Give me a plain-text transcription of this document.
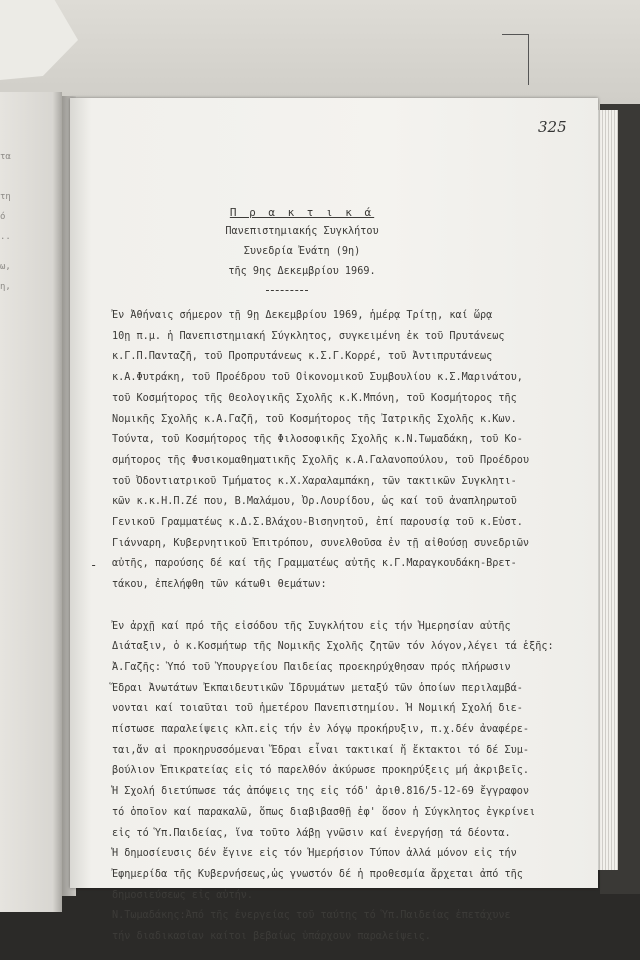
τα
τη
ό
..
ω,
η,
325
Π ρ α κ τ ι κ ά
Πανεπιστημιακής Συγκλήτου
Συνεδρία Ἐνάτη (9η)
τῆς 9ης Δεκεμβρίου 1969.
-
Ἐν Ἀθήναις σήμερον τῇ 9ῃ Δεκεμβρίου 1969, ἡμέρᾳ Τρίτῃ, καί ὥρᾳ
10ῃ π.μ. ἡ Πανεπιστημιακή Σύγκλητος, συγκειμένη ἐκ τοῦ Πρυτάνεως
κ.Γ.Π.Πανταζῆ, τοῦ Προπρυτάνεως κ.Σ.Γ.Κορρέ, τοῦ Ἀντιπρυτάνεως
κ.Α.Φυτράκη, τοῦ Προέδρου τοῦ Οἰκονομικοῦ Συμβουλίου κ.Σ.Μαρινάτου,
τοῦ Κοσμήτορος τῆς Θεολογικῆς Σχολῆς κ.Κ.Μπόνη, τοῦ Κοσμήτορος τῆς
Νομικῆς Σχολῆς κ.Α.Γαζῆ, τοῦ Κοσμήτορος τῆς Ἰατρικῆς Σχολῆς κ.Κων.
Τούντα, τοῦ Κοσμήτορος τῆς Φιλοσοφικῆς Σχολῆς κ.Ν.Τωμαδάκη, τοῦ Κο-
σμήτορος τῆς Φυσικομαθηματικῆς Σχολῆς κ.Α.Γαλανοπούλου, τοῦ Προέδρου
τοῦ Ὀδοντιατρικοῦ Τμήματος κ.Χ.Χαραλαμπάκη, τῶν τακτικῶν Συγκλητι-
κῶν κ.κ.Η.Π.Ζέ που, Β.Μαλάμου, Ὀρ.Λουρίδου, ὡς καί τοῦ ἀναπληρωτοῦ
Γενικοῦ Γραμματέως κ.Δ.Σ.Βλάχου-Βισηνητοῦ, ἐπί παρουσίᾳ τοῦ κ.Εὐστ.
Γιάνναρη, Κυβερνητικοῦ Ἐπιτρόπου, συνελθοῦσα ἐν τῇ αἰθούσῃ συνεδριῶν
αὐτῆς, παρούσης δέ καί τῆς Γραμματέως αὐτῆς κ.Γ.Μαραγκουδάκη-Βρετ-
τάκου, ἐπελήφθη τῶν κάτωθι θεμάτων:
Ἐν ἀρχῇ καί πρό τῆς εἰσόδου τῆς Συγκλήτου εἰς τήν Ἡμερησίαν αὐτῆς
Διάταξιν, ὁ κ.Κοσμήτωρ τῆς Νομικῆς Σχολῆς ζητῶν τόν λόγον,λέγει τά ἑξῆς:
Ἀ.Γαζῆς: Ὑπό τοῦ Ὑπουργείου Παιδείας προεκηρύχθησαν πρός πλήρωσιν
Ἕδραι Ἀνωτάτων Ἐκπαιδευτικῶν Ἱδρυμάτων μεταξύ τῶν ὁποίων περιλαμβά-
νονται καί τοιαῦται τοῦ ἡμετέρου Πανεπιστημίου. Ἡ Νομική Σχολή διε-
πίστωσε παραλείψεις κλπ.εἰς τήν ἐν λόγῳ προκήρυξιν, π.χ.δέν ἀναφέρε-
ται,ἄν αἱ προκηρυσσόμεναι Ἕδραι εἶναι τακτικαί ἤ ἔκτακτοι τό δέ Συμ-
βούλιον Ἐπικρατείας εἰς τό παρελθόν ἀκύρωσε προκηρύξεις μή ἀκριβεῖς.
Ἡ Σχολή διετύπωσε τάς ἀπόψεις της εἰς τόδ' ἀριθ.816/5-12-69 ἔγγραφον
τό ὁποῖον καί παρακαλῶ, ὅπως διαβιβασθῇ ἐφ' ὅσον ἡ Σύγκλητος ἐγκρίνει
εἰς τό Ὑπ.Παιδείας, ἵνα τοῦτο λάβῃ γνῶσιν καί ἐνεργήσῃ τά δέοντα.
Ἡ δημοσίευσις δέν ἔγινε εἰς τόν Ἡμερήσιον Τύπον ἀλλά μόνον εἰς τήν
Ἐφημερίδα τῆς Κυβερνήσεως,ὡς γνωστόν δέ ἡ προθεσμία ἄρχεται ἀπό τῆς
δημοσιεύσεως εἰς αὐτήν.
Ν.Τωμαδάκης:Ἀπό τῆς ἐνεργείας τοῦ ταύτης τό Ὑπ.Παιδείας ἐπετάχυνε
τήν διαδικασίαν καίτοι βεβαίως ὑπάρχουν παραλείψεις.
